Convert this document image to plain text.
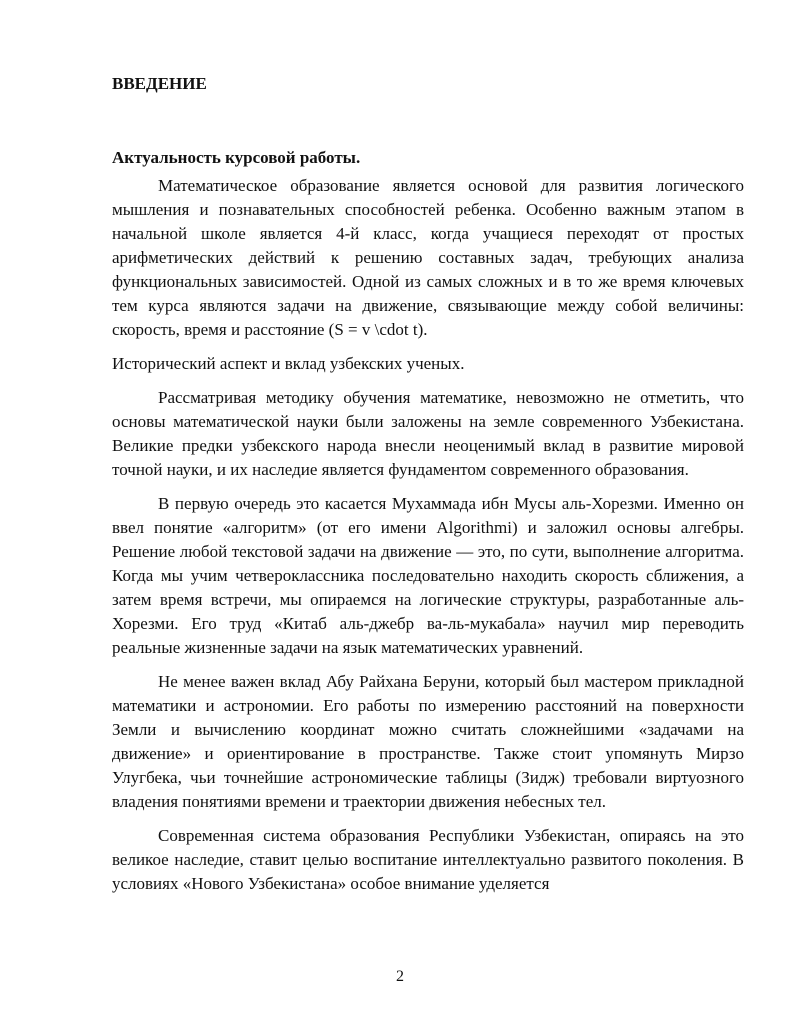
ВВЕДЕНИЕ
Актуальность курсовой работы.

Математическое образование является основой для развития логического мышления и познавательных способностей ребенка. Особенно важным этапом в начальной школе является 4-й класс, когда учащиеся переходят от простых арифметических действий к решению составных задач, требующих анализа функциональных зависимостей. Одной из самых сложных и в то же время ключевых тем курса являются задачи на движение, связывающие между собой величины: скорость, время и расстояние (S = v \cdot t).

Исторический аспект и вклад узбекских ученых.

Рассматривая методику обучения математике, невозможно не отметить, что основы математической науки были заложены на земле современного Узбекистана. Великие предки узбекского народа внесли неоценимый вклад в развитие мировой точной науки, и их наследие является фундаментом современного образования.

В первую очередь это касается Мухаммада ибн Мусы аль-Хорезми. Именно он ввел понятие «алгоритм» (от его имени Algorithmi) и заложил основы алгебры. Решение любой текстовой задачи на движение — это, по сути, выполнение алгоритма. Когда мы учим четвероклассника последовательно находить скорость сближения, а затем время встречи, мы опираемся на логические структуры, разработанные аль-Хорезми. Его труд «Китаб аль-джебр ва-ль-мукабала» научил мир переводить реальные жизненные задачи на язык математических уравнений.

Не менее важен вклад Абу Райхана Беруни, который был мастером прикладной математики и астрономии. Его работы по измерению расстояний на поверхности Земли и вычислению координат можно считать сложнейшими «задачами на движение» и ориентирование в пространстве. Также стоит упомянуть Мирзо Улугбека, чьи точнейшие астрономические таблицы (Зидж) требовали виртуозного владения понятиями времени и траектории движения небесных тел.

Современная система образования Республики Узбекистан, опираясь на это великое наследие, ставит целью воспитание интеллектуально развитого поколения. В условиях «Нового Узбекистана» особое внимание уделяется

2
